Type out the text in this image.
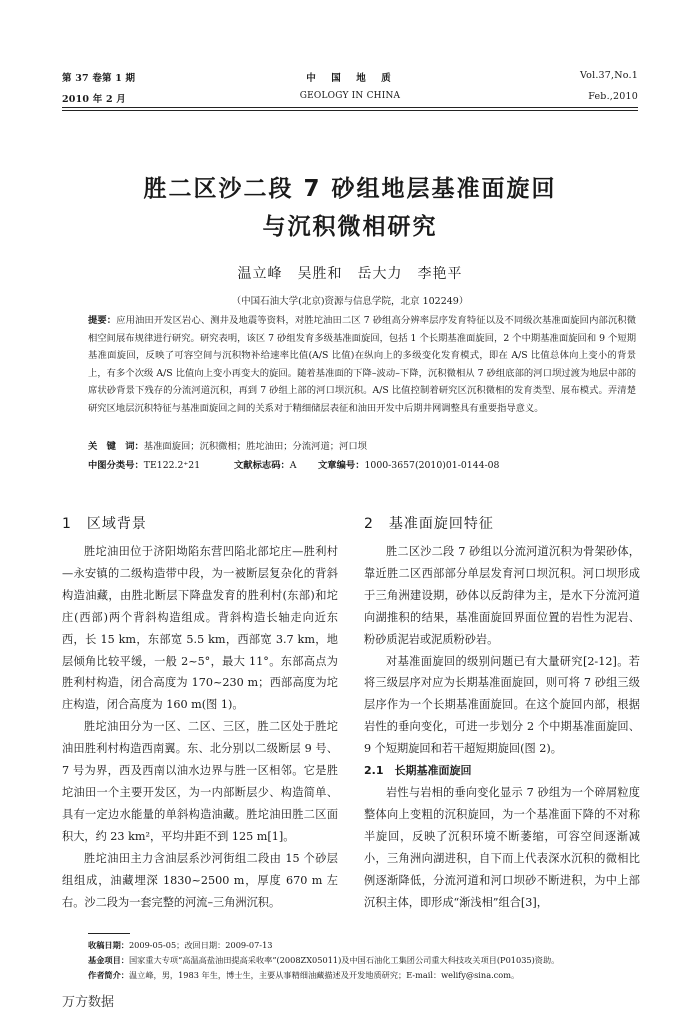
第 37 卷第 1 期
2010 年 2 月
中　国　地　质
GEOLOGY IN CHINA
Vol.37,No.1
Feb.,2010
胜二区沙二段 7 砂组地层基准面旋回
与沉积微相研究
温立峰　吴胜和　岳大力　李艳平
（中国石油大学(北京)资源与信息学院，北京 102249）
提要：应用油田开发区岩心、测井及地震等资料，对胜坨油田二区 7 砂组高分辨率层序发育特征以及不同级次基准面旋回内部沉积微相空间展布规律进行研究。研究表明，该区 7 砂组发育多级基准面旋回，包括 1 个长期基准面旋回，2 个中期基准面旋回和 9 个短期基准面旋回，反映了可容空间与沉积物补给速率比值(A/S 比值)在纵向上的多级变化发育模式，即在 A/S 比值总体向上变小的背景上，有多个次级 A/S 比值向上变小再变大的旋回。随着基准面的下降–波动–下降，沉积微相从 7 砂组底部的河口坝过渡为地层中部的席状砂背景下残存的分流河道沉积，再到 7 砂组上部的河口坝沉积。A/S 比值控制着研究区沉积微相的发育类型、展布模式。弄清楚研究区地层沉积特征与基准面旋回之间的关系对于精细储层表征和油田开发中后期井网调整具有重要指导意义。
关　键　词：基准面旋回；沉积微相；胜坨油田；分流河道；河口坝
中图分类号：TE122.2⁺21	文献标志码：A 文章编号：1000-3657(2010)01-0144-08
1　区域背景	2　基准面旋回特征

胜坨油田位于济阳坳陷东营凹陷北部坨庄—胜利村—永安镇的二级构造带中段，为一被断层复杂化的背斜构造油藏，由胜北断层下降盘发育的胜利村(东部)和坨庄(西部)两个背斜构造组成。背斜构造长轴走向近东西，长 15 km，东部宽 5.5 km，西部宽 3.7 km，地层倾角比较平缓，一般 2~5°，最大 11°。东部高点为胜利村构造，闭合高度为 170~230 m；西部高度为坨庄构造，闭合高度为 160 m(图 1)。

胜坨油田分为一区、二区、三区，胜二区处于胜坨油田胜利村构造西南翼。东、北分别以二级断层 9 号、7 号为界，西及西南以油水边界与胜一区相邻。它是胜坨油田一个主要开发区，为一内部断层少、构造简单、具有一定边水能量的单斜构造油藏。胜坨油田胜二区面积大，约 23 km²，平均井距不到 125 m[1]。

胜坨油田主力含油层系沙河街组二段由 15 个砂层组组成，油藏埋深 1830~2500 m，厚度 670 m 左右。沙二段为一套完整的河流–三角洲沉积。

胜二区沙二段 7 砂组以分流河道沉积为骨架砂体，靠近胜二区西部部分单层发育河口坝沉积。河口坝形成于三角洲建设期，砂体以反韵律为主，是水下分流河道向湖推积的结果，基准面旋回界面位置的岩性为泥岩、粉砂质泥岩或泥质粉砂岩。

对基准面旋回的级别问题已有大量研究[2-12]。若将三级层序对应为长期基准面旋回，则可将 7 砂组三级层序作为一个长期基准面旋回。在这个旋回内部，根据岩性的垂向变化，可进一步划分 2 个中期基准面旋回、9 个短期旋回和若干超短期旋回(图 2)。

2.1　长期基准面旋回

岩性与岩相的垂向变化显示 7 砂组为一个碎屑粒度整体向上变粗的沉积旋回，为一个基准面下降的不对称半旋回，反映了沉积环境不断萎缩，可容空间逐渐减小，三角洲向湖进积，自下而上代表深水沉积的微相比例逐渐降低，分流河道和河口坝砂不断进积，为中上部沉积主体，即形成“渐浅相”组合[3]，

收稿日期：2009-05-05；改回日期：2009-07-13
基金项目：国家重大专项“高温高盐油田提高采收率”(2008ZX05011)及中国石油化工集团公司重大科技攻关项目(P01035)资助。
作者简介：温立峰，男，1983 年生，博士生，主要从事精细油藏描述及开发地质研究；E-mail：welify@sina.com。
万方数据
